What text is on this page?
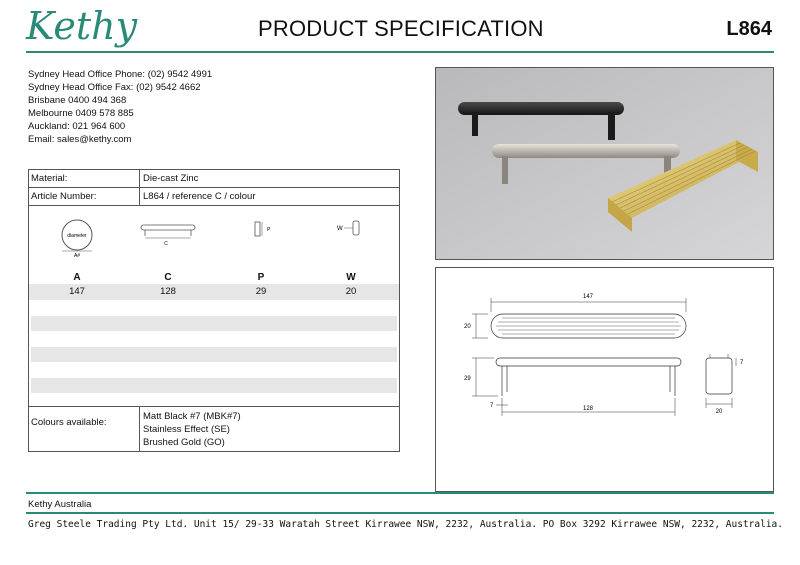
Kethy	PRODUCT SPECIFICATION	L864
Sydney Head Office Phone: (02) 9542 4991
Sydney Head Office Fax: (02) 9542 4662
Brisbane 0400 494 368
Melbourne 0409 578 885
Auckland: 021 964 600
Email: sales@kethy.com
Material:	Die-cast Zinc
Article Number:	L864 / reference C / colour
diameter
A#
C
P	W
A	C	P	W
147	128	29	20
Colours available:
Matt Black #7 (MBK#7)
Stainless Effect (SE)
Brushed Gold (GO)
147
20
29
7	128	20
7
Kethy Australia
Greg Steele Trading Pty Ltd. Unit 15/ 29-33 Waratah Street Kirrawee NSW, 2232, Australia. PO Box 3292 Kirrawee NSW, 2232, Australia.
